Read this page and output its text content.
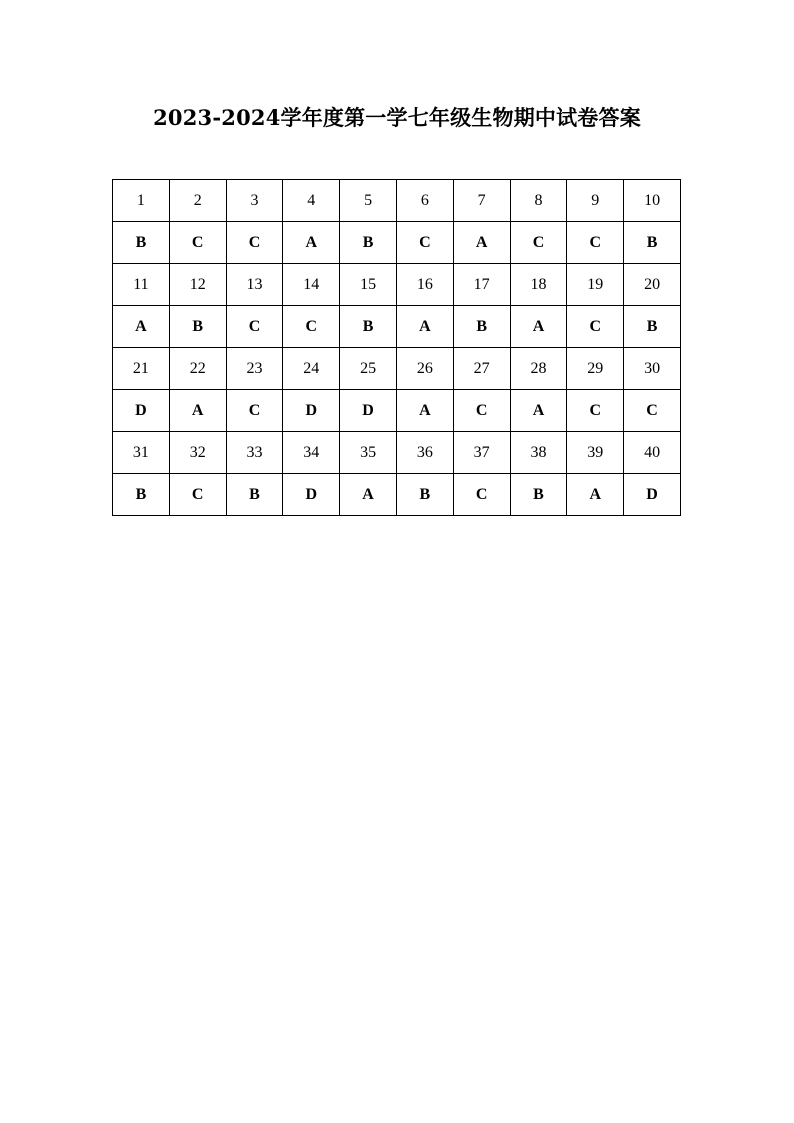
2023-2024学年度第一学七年级生物期中试卷答案
1	2	3	4	5	6	7	8	9	10
B	C	C	A	B	C	A	C	C	B
11	12	13	14	15	16	17	18	19	20
A	B	C	C	B	A	B	A	C	B
21	22	23	24	25	26	27	28	29	30
D	A	C	D	D	A	C	A	C	C
31	32	33	34	35	36	37	38	39	40
B	C	B	D	A	B	C	B	A	D
